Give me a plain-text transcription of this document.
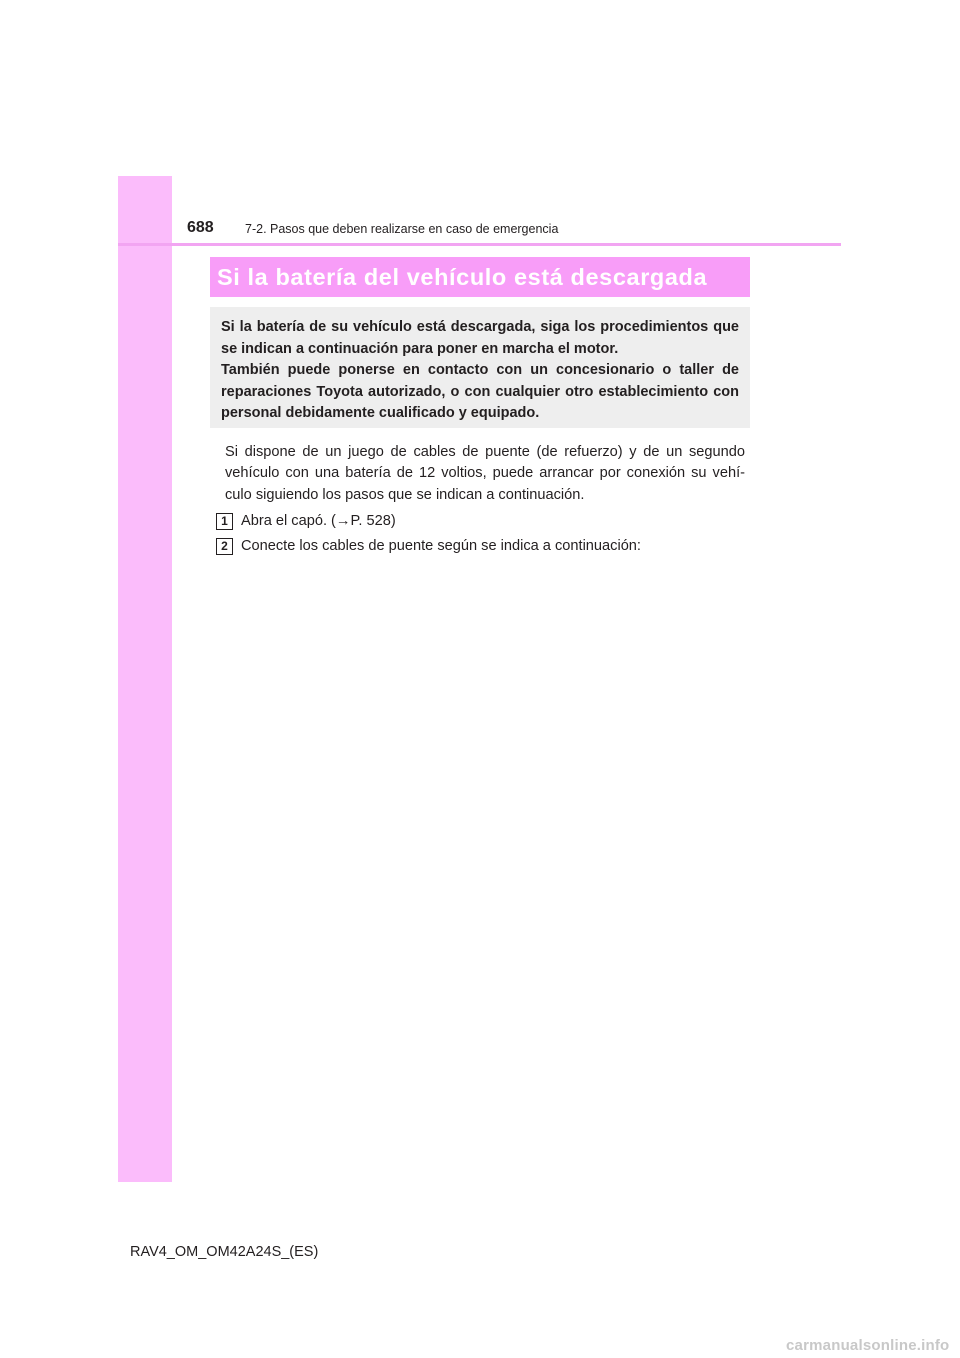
688	7-2. Pasos que deben realizarse en caso de emergencia
Si la batería del vehículo está descargada

Si la batería de su vehículo está descargada, siga los procedimientos que se indican a continuación para poner en marcha el motor.

También puede ponerse en contacto con un concesionario o taller de reparaciones Toyota autorizado, o con cualquier otro establecimiento con personal debidamente cualificado y equipado.

Si dispone de un juego de cables de puente (de refuerzo) y de un segundo vehículo con una batería de 12 voltios, puede arrancar por conexión su vehí-culo siguiendo los pasos que se indican a continuación.

1 Abra el capó. (→P. 528)
2 Conecte los cables de puente según se indica a continuación:
RAV4_OM_OM42A24S_(ES)
carmanualsonline.info
